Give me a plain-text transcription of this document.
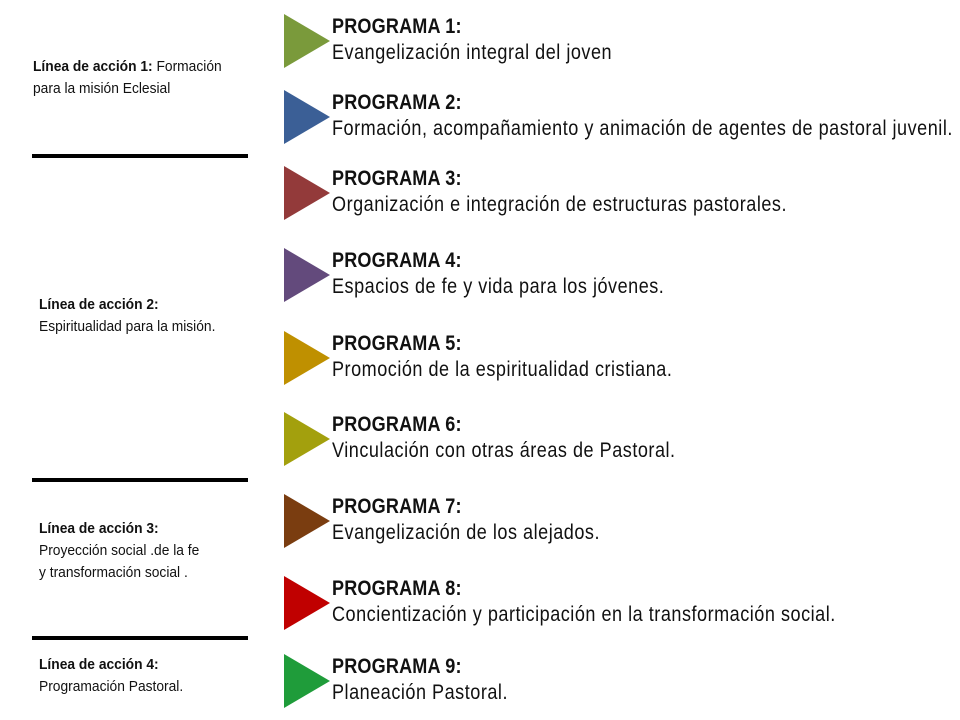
Línea de acción 1: Formación
para la misión Eclesial
Línea de acción 2:
Espiritualidad para la misión.
Línea de acción 3:
Proyección social .de la fe
y transformación social .
Línea de acción 4:
Programación Pastoral.
PROGRAMA 1:
Evangelización integral del joven
PROGRAMA 2:
Formación, acompañamiento y animación de agentes de pastoral juvenil.
PROGRAMA 3:
Organización e integración de estructuras pastorales.
PROGRAMA 4:
Espacios de fe y vida para los jóvenes.
PROGRAMA 5:
Promoción de la espiritualidad cristiana.
PROGRAMA 6:
Vinculación con otras áreas de Pastoral.
PROGRAMA 7:
Evangelización de los alejados.
PROGRAMA 8:
Concientización y participación en la transformación social.
PROGRAMA 9:
Planeación Pastoral.
